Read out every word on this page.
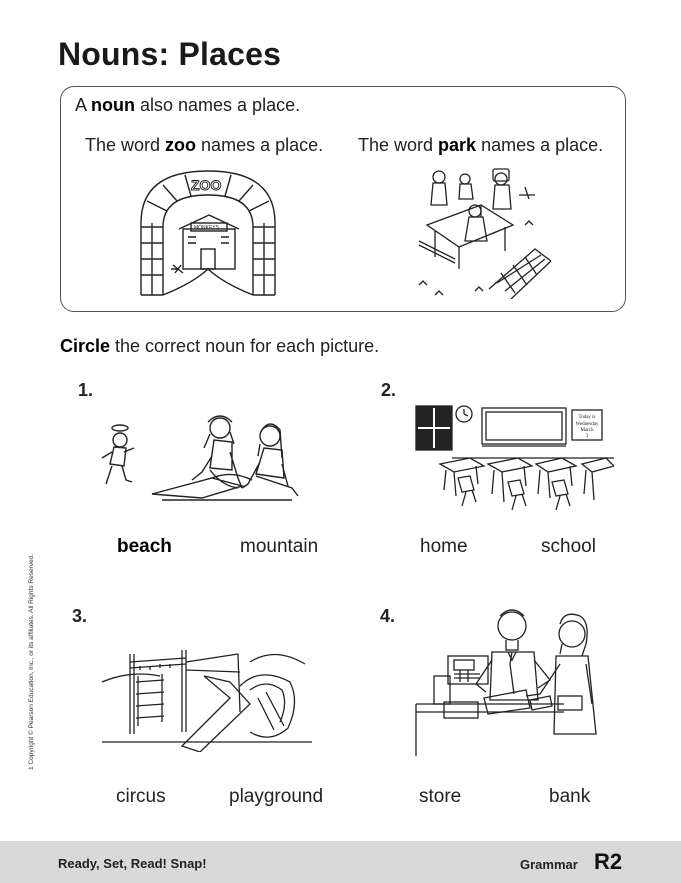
Nouns: Places
A noun also names a place.
The word zoo names a place. The word park names a place.
ZOO
MONKEYS
Circle the correct noun for each picture.
1.
beach	mountain
2.
Today is
Wednesday
March
3
home	school
3.
circus	playground
4.
store	bank
1 Copyright © Pearson Education, Inc., or its affiliates. All Rights Reserved.
Ready, Set, Read! Snap!	Grammar R2
